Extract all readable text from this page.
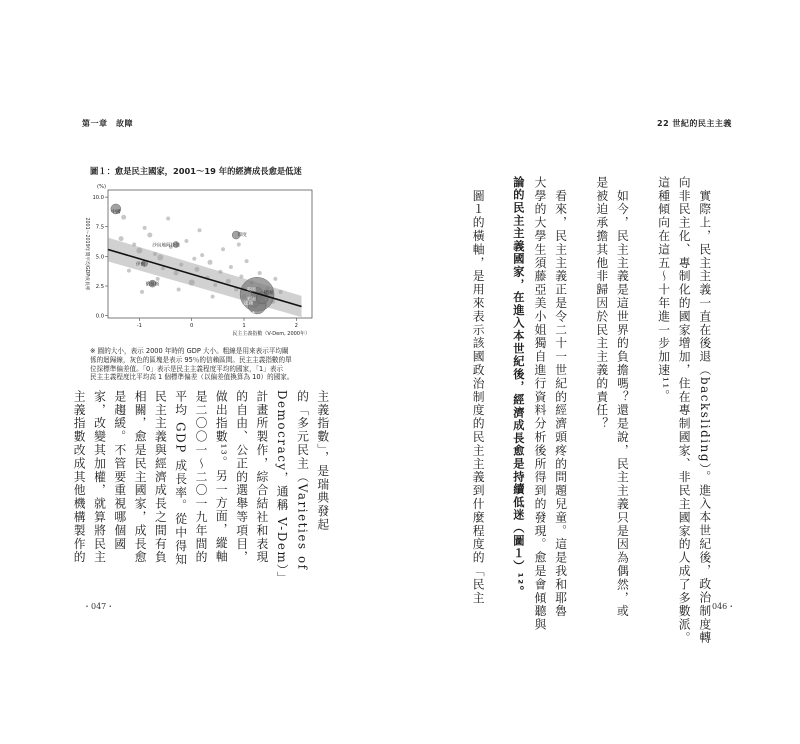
第一章　故障	22 世紀的民主主義
圖１：愈是民主國家，2001～19 年的經濟成長愈是低迷
0.0
2.5
5.0
7.5
10.0
-1	0	1	2
(%)
2001～2019年間平均GDP成長率
民主主義指數（V-Dem, 2000年）
中國
印度
俄羅斯
伊朗
沙烏地阿拉伯
英國
法國
美國
日本
德國
※ 圓的大小，表示 2000 年時的 GDP 大小。粗線是用來表示平均關
係的迴歸線，灰色的區塊是表示 95％的信賴區間。民主主義指數的單
位採標準偏差值。「0」表示是民主主義程度平均的國家，「1」表示
民主主義程度比平均高 1 個標準偏差（以偏差值換算為 10）的國家。
主義指數」，是瑞典發起
的「多元民主（Varieties of
Democracy，通稱 V-Dem）」
計畫所製作，綜合結社和表現
的自由、公正的選舉等項目，
做出指數¹³。另一方面，縱軸
是二〇〇一～二〇一九年間的
平均 GDP 成長率。從中得知
民主主義與經濟成長之間有負
相關，愈是民主國家，成長愈
是趨緩。不管要重視哪個國
家，改變其加權，就算將民主
主義指數改成其他機構製作的	　實際上，民主主義一直在後退（backsliding）。進入本世紀後，政治制度轉
向非民主化、專制化的國家增加，住在專制國家、非民主國家的人成了多數派。
這種傾向在這五～十年進一步加速¹¹。
　如今，民主主義是這世界的負擔嗎？還是說，民主主義只是因為偶然，或
是被迫承擔其他非歸因於民主主義的責任？
　看來，民主主義正是令二十一世紀的經濟頭疼的問題兒童。這是我和耶魯
大學的大學生須藤亞美小姐獨自進行資料分析後所得到的發現。愈是會傾聽與
論的民主主義國家，在進入本世紀後，經濟成長愈是持續低迷（圖１）¹²。
　圖１的橫軸，是用來表示該國政治制度的民主主義到什麼程度的「民主
・047・	・046・
